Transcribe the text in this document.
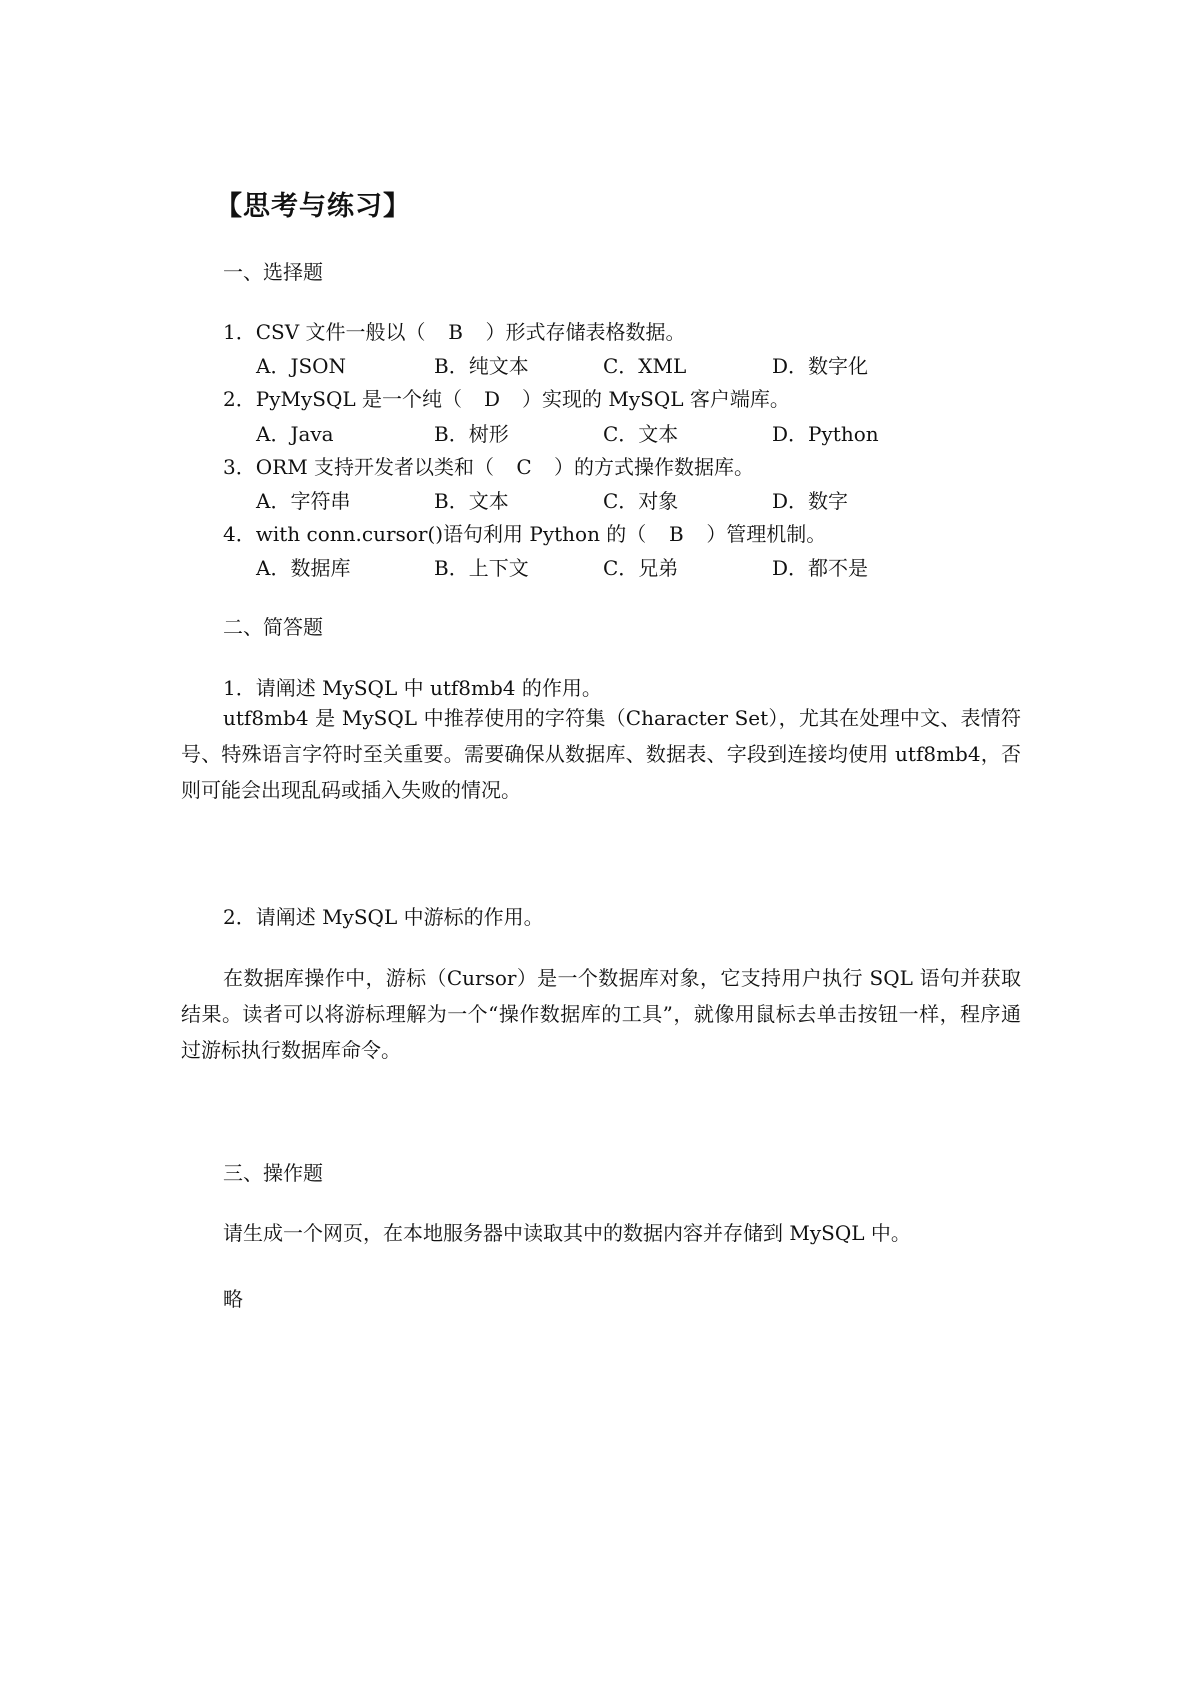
【思考与练习】
一、选择题
1．CSV 文件一般以（ B ）形式存储表格数据。
A．JSON	B．纯文本	C．XML	D．数字化
2．PyMySQL 是一个纯（ D ）实现的 MySQL 客户端库。
A．Java	B．树形	C．文本	D．Python
3．ORM 支持开发者以类和（ C ）的方式操作数据库。
A．字符串	B．文本	C．对象	D．数字
4．with conn.cursor()语句利用 Python 的（ B ）管理机制。
A．数据库	B．上下文	C．兄弟	D．都不是
二、简答题

1．请阐述 MySQL 中 utf8mb4 的作用。

utf8mb4 是 MySQL 中推荐使用的字符集（Character Set），尤其在处理中文、表情符号、特殊语言字符时至关重要。需要确保从数据库、数据表、字段到连接均使用 utf8mb4，否则可能会出现乱码或插入失败的情况。

2．请阐述 MySQL 中游标的作用。

在数据库操作中，游标（Cursor）是一个数据库对象，它支持用户执行 SQL 语句并获取结果。读者可以将游标理解为一个“操作数据库的工具”，就像用鼠标去单击按钮一样，程序通过游标执行数据库命令。

三、操作题

请生成一个网页，在本地服务器中读取其中的数据内容并存储到 MySQL 中。

略
